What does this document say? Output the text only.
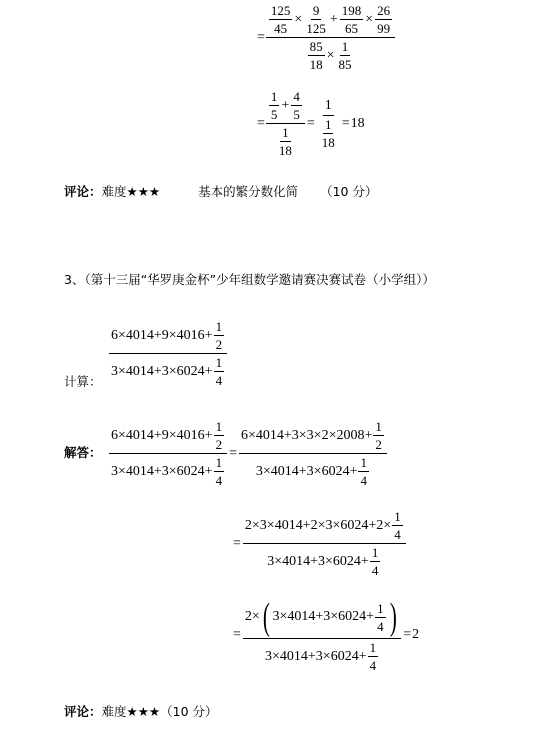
=
$\frac{125}{45} \times \frac{9}{125} + \frac{198}{65} \times \frac{26}{99}$
$\frac{85}{18} \times \frac{1}{85}$
= $\frac{\frac{1}{5} + \frac{4}{5}}{\frac{1}{18}} = \frac{1}{\frac{1}{18}} = 18$
评论：难度★★★	基本的繁分数化简 （10 分）
3、（第十三届“华罗庚金杯”少年组数学邀请赛决赛试卷（小学组））
$\frac{6\times 4014+9\times 4016+ \frac{1}{2}}{3\times 4014+3\times 6024+ \frac{1}{4}}$
计算：
解答： $\frac{6\times 4014+9\times 4016+ \frac{1}{2}}{3\times 4014+3\times 6024+ \frac{1}{4}} = \frac{6\times 4014+3\times 3\times 2\times 2008+ \frac{1}{2}}{3\times 4014+3\times 6024+ \frac{1}{4}}$
= $\frac{2\times 3\times 4014+2\times 3\times 6024+2\times \frac{1}{4}}{3\times 4014+3\times 6024+ \frac{1}{4}}$
=
2× ( $3\times 4014+3\times 6024+ \frac{1}{4}$ )
$3\times 4014+3\times 6024+ \frac{1}{4}$
= 2
评论：难度★★★（10 分）
